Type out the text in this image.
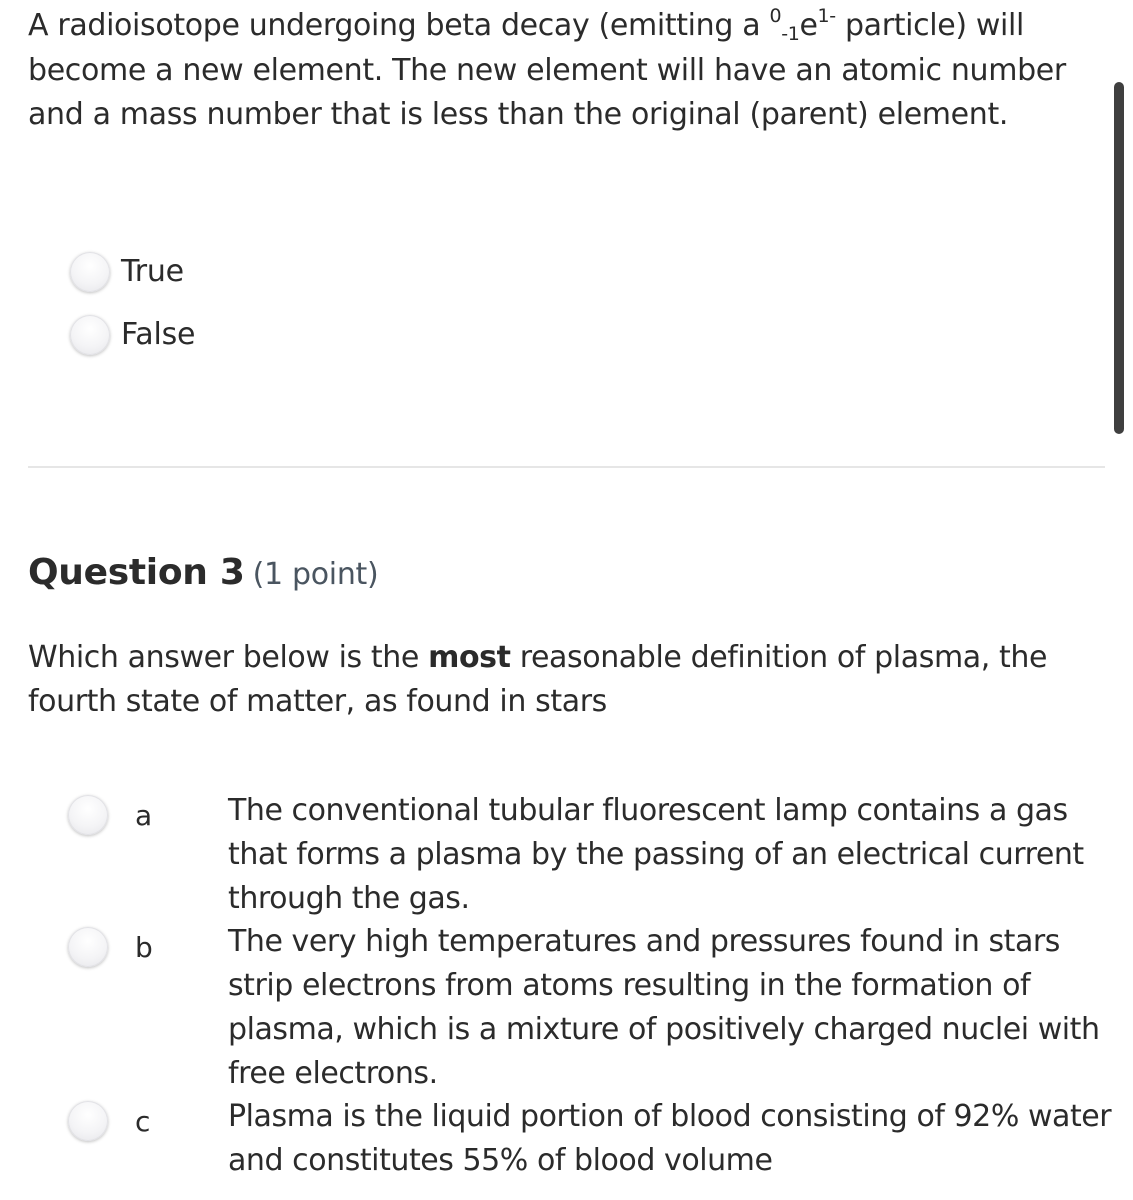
A radioisotope undergoing beta decay (emitting a $^0_{-1}e^{1-}$ particle) will become a new element. The new element will have an atomic number and a mass number that is less than the original (parent) element.

True
False

Question 3 (1 point)

Which answer below is the most reasonable definition of plasma, the fourth state of matter, as found in stars

a	The conventional tubular fluorescent lamp contains a gas that forms a plasma by the passing of an electrical current through the gas.

b	The very high temperatures and pressures found in stars strip electrons from atoms resulting in the formation of plasma, which is a mixture of positively charged nuclei with free electrons.

c	Plasma is the liquid portion of blood consisting of 92% water and constitutes 55% of blood volume
